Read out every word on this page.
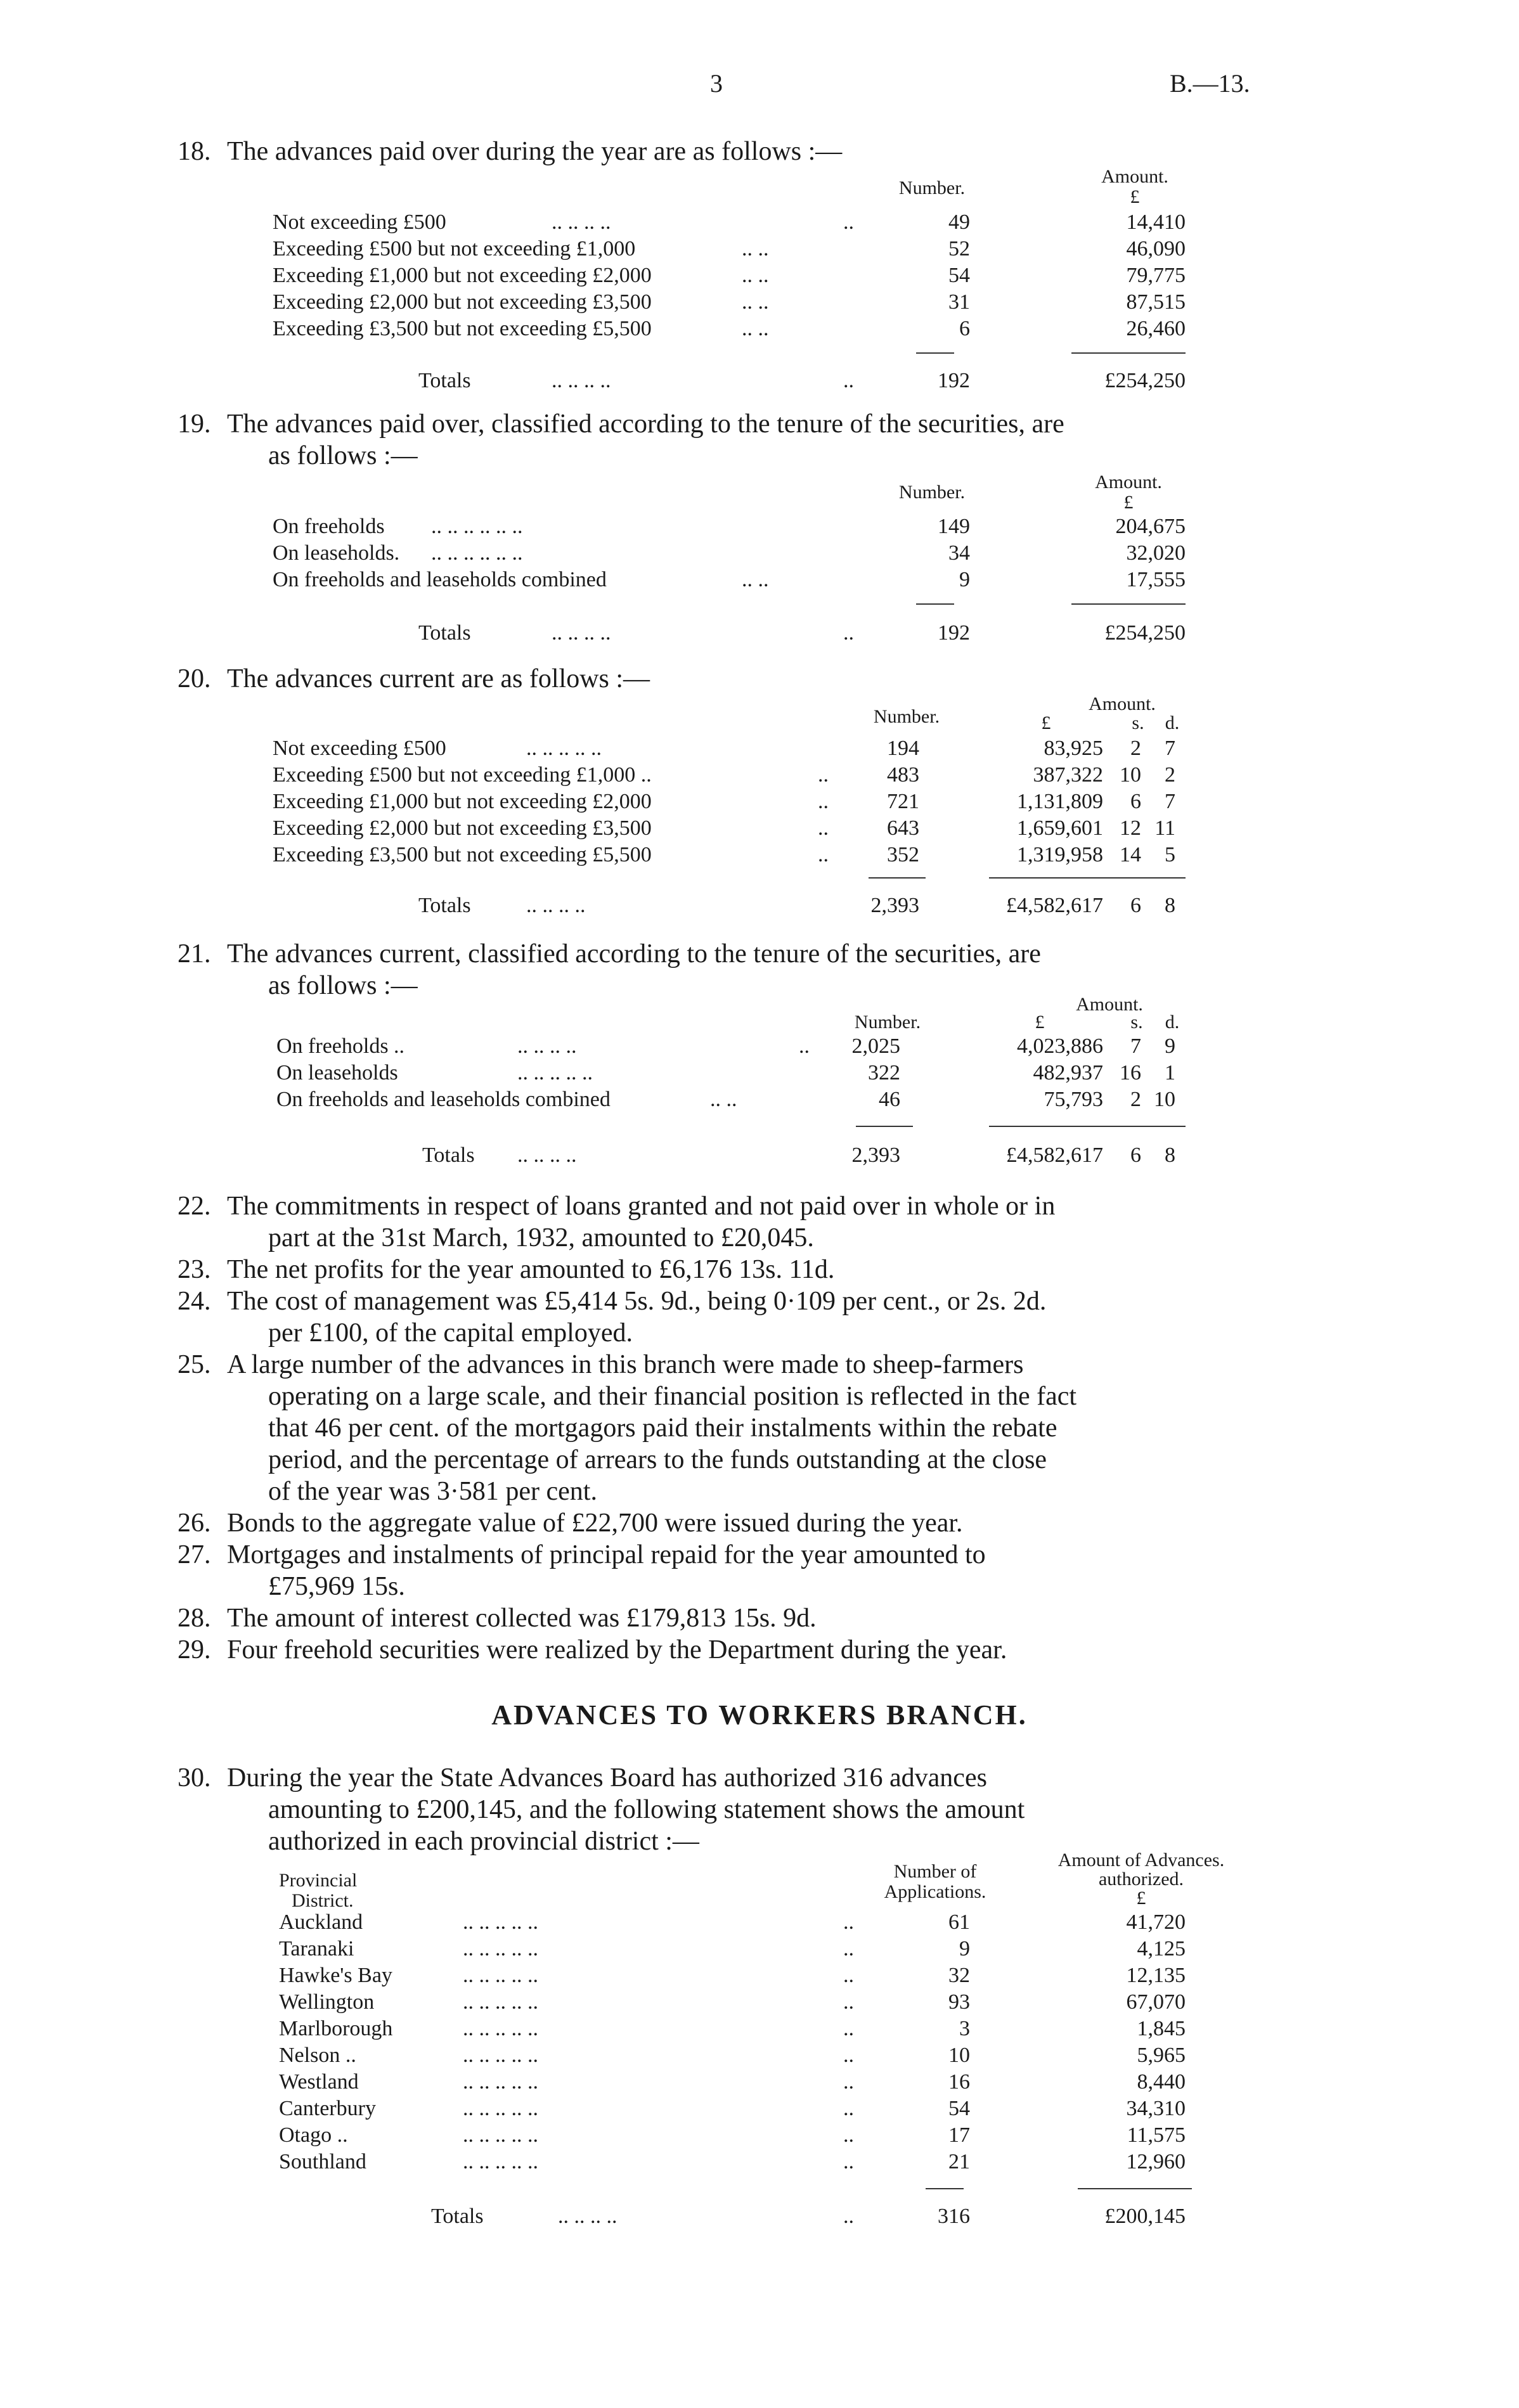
3	B.—13.
18. The advances paid over during the year are as follows :—
Number.
Amount.
£
Not exceeding £500	.. .. .. ..	..	49	14,410
Exceeding £500 but not exceeding £1,000	.. ..	52	46,090
Exceeding £1,000 but not exceeding £2,000	.. ..	54	79,775
Exceeding £2,000 but not exceeding £3,500	.. ..	31	87,515
Exceeding £3,500 but not exceeding £5,500	.. ..	6	26,460
Totals	.. .. .. ..	..	192	£254,250
19. The advances paid over, classified according to the tenure of the securities, are
as follows :—
Number.	Amount.
£
On freeholds .. .. .. .. .. ..	149	204,675
On leaseholds. .. .. .. .. .. ..	34	32,020
On freeholds and leaseholds combined	.. ..	9	17,555
Totals	.. .. .. ..	..	192	£254,250
20. The advances current are as follows :—
Number.
Amount.
£	s.	d.
Not exceeding £500	.. .. .. .. ..	194	83,925	2	7
Exceeding £500 but not exceeding £1,000 ..	..	483	387,322 10	2
Exceeding £1,000 but not exceeding £2,000	..	721	1,131,809	6	7
Exceeding £2,000 but not exceeding £3,500	..	643	1,659,601 12 11
Exceeding £3,500 but not exceeding £5,500	..	352	1,319,958 14	5
Totals	.. .. .. ..	2,393	£4,582,617	6	8
21. The advances current, classified according to the tenure of the securities, are
as follows :—
Number.
Amount.
£	s.	d.
On freeholds ..	.. .. .. ..	..	2,025	4,023,886	7	9
On leaseholds	.. .. .. .. ..	322	482,937 16	1
On freeholds and leaseholds combined	.. ..	46	75,793	2 10
Totals .. .. .. ..	2,393	£4,582,617	6	8
22. The commitments in respect of loans granted and not paid over in whole or in
part at the 31st March, 1932, amounted to £20,045.
23. The net profits for the year amounted to £6,176 13s. 11d.
24. The cost of management was £5,414 5s. 9d., being 0·109 per cent., or 2s. 2d.
per £100, of the capital employed.
25. A large number of the advances in this branch were made to sheep-farmers
operating on a large scale, and their financial position is reflected in the fact
that 46 per cent. of the mortgagors paid their instalments within the rebate
period, and the percentage of arrears to the funds outstanding at the close
of the year was 3·581 per cent.
26. Bonds to the aggregate value of £22,700 were issued during the year.
27. Mortgages and instalments of principal repaid for the year amounted to
£75,969 15s.
28. The amount of interest collected was £179,813 15s. 9d.
29. Four freehold securities were realized by the Department during the year.
ADVANCES TO WORKERS BRANCH.
30. During the year the State Advances Board has authorized 316 advances
amounting to £200,145, and the following statement shows the amount
authorized in each provincial district :—
Provincial
District.
Number of
Applications.
Amount of Advances.
authorized.
£
Auckland	.. .. .. .. ..	..	61	41,720
Taranaki	.. .. .. .. ..	..	9	4,125
Hawke's Bay	.. .. .. .. ..	..	32	12,135
Wellington	.. .. .. .. ..	..	93	67,070
Marlborough	.. .. .. .. ..	..	3	1,845
Nelson ..	.. .. .. .. ..	..	10	5,965
Westland	.. .. .. .. ..	..	16	8,440
Canterbury	.. .. .. .. ..	..	54	34,310
Otago ..	.. .. .. .. ..	..	17	11,575
Southland	.. .. .. .. ..	..	21	12,960
Totals	.. .. .. ..	..	316	£200,145
